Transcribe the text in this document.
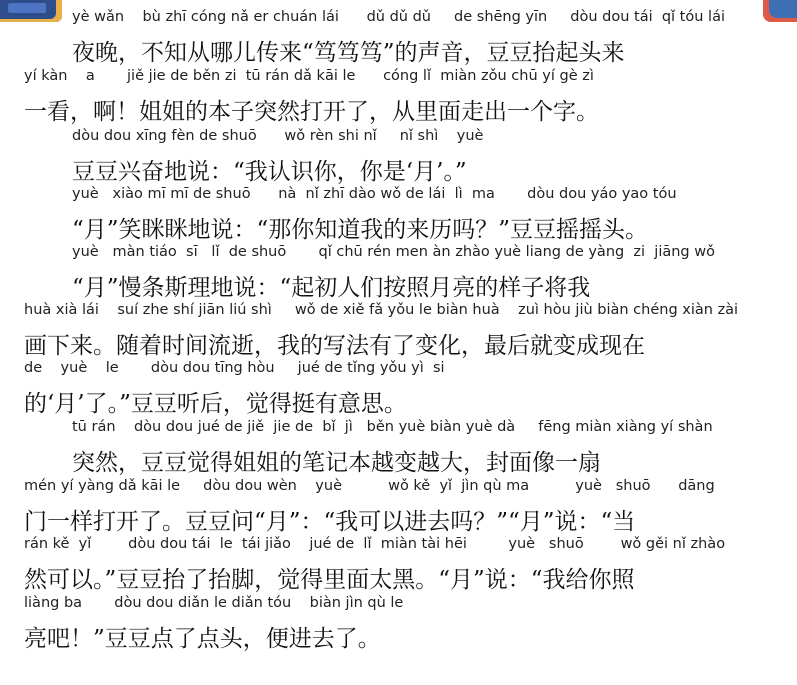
yè wǎn    bù zhī cóng nǎ er chuán lái      dǔ dǔ dǔ     de shēng yīn     dòu dou tái  qǐ tóu lái
夜晚，不知从哪儿传来“笃笃笃”的声音，豆豆抬起头来
yí kàn    a       jiě jie de běn zi  tū rán dǎ kāi le      cóng lǐ  miàn zǒu chū yí gè zì
一看，啊！姐姐的本子突然打开了，从里面走出一个字。
dòu dou xīng fèn de shuō      wǒ rèn shi nǐ     nǐ shì    yuè
豆豆兴奋地说：“我认识你，你是‘月’。”
yuè   xiào mī mī de shuō      nà  nǐ zhī dào wǒ de lái  lì  ma       dòu dou yáo yao tóu
“月”笑眯眯地说：“那你知道我的来历吗？”豆豆摇摇头。
yuè   màn tiáo  sī   lǐ  de shuō       qǐ chū rén men àn zhào yuè liang de yàng  zi  jiāng wǒ
“月”慢条斯理地说：“起初人们按照月亮的样子将我
huà xià lái    suí zhe shí jiān liú shì     wǒ de xiě fǎ yǒu le biàn huà    zuì hòu jiù biàn chéng xiàn zài
画下来。随着时间流逝，我的写法有了变化，最后就变成现在
de    yuè    le       dòu dou tīng hòu     jué de tǐng yǒu yì  si
的‘月’了。”豆豆听后，觉得挺有意思。
tū rán    dòu dou jué de jiě  jie de  bǐ  jì   běn yuè biàn yuè dà     fēng miàn xiàng yí shàn
突然，豆豆觉得姐姐的笔记本越变越大，封面像一扇
mén yí yàng dǎ kāi le     dòu dou wèn    yuè          wǒ kě  yǐ  jìn qù ma          yuè   shuō      dāng
门一样打开了。豆豆问“月”：“我可以进去吗？”“月”说：“当
rán kě  yǐ        dòu dou tái  le  tái jiǎo    jué de  lǐ  miàn tài hēi         yuè   shuō        wǒ gěi nǐ zhào
然可以。”豆豆抬了抬脚，觉得里面太黑。“月”说：“我给你照
liàng ba       dòu dou diǎn le diǎn tóu    biàn jìn qù le
亮吧！”豆豆点了点头，便进去了。
